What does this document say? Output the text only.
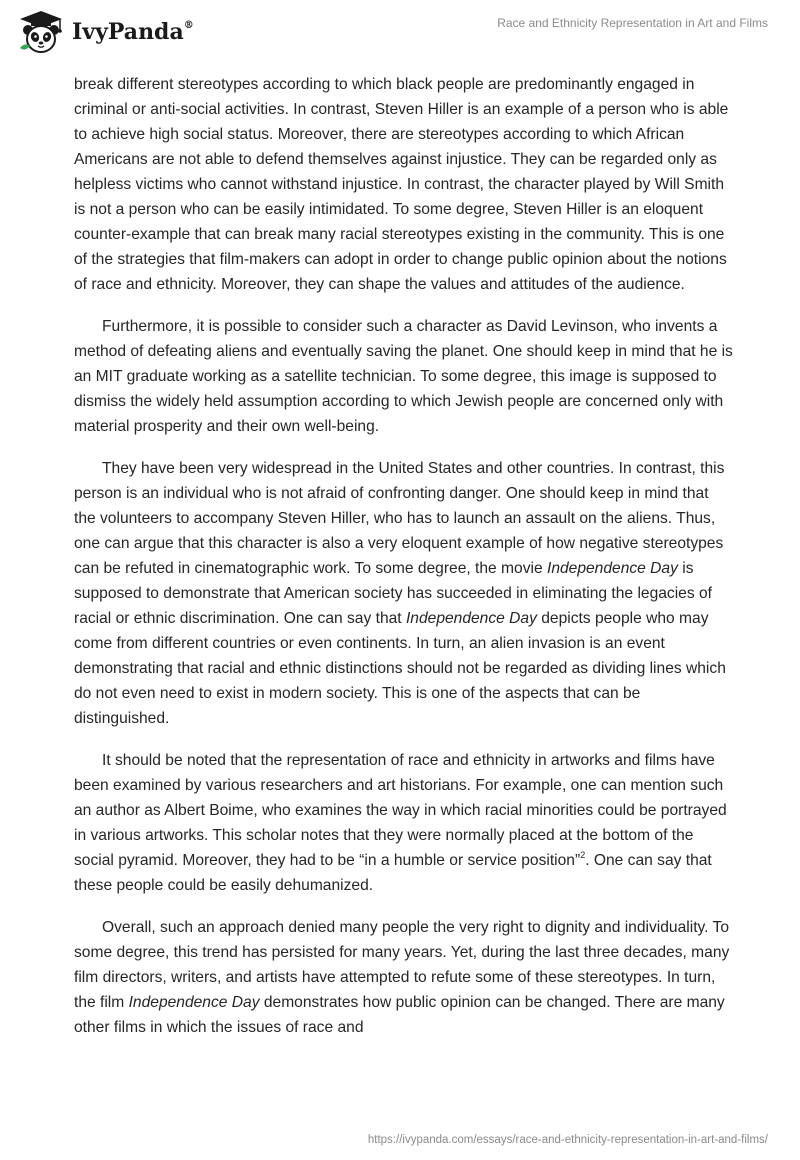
IvyPanda®	Race and Ethnicity Representation in Art and Films

break different stereotypes according to which black people are predominantly engaged in criminal or anti-social activities. In contrast, Steven Hiller is an example of a person who is able to achieve high social status. Moreover, there are stereotypes according to which African Americans are not able to defend themselves against injustice. They can be regarded only as helpless victims who cannot withstand injustice. In contrast, the character played by Will Smith is not a person who can be easily intimidated. To some degree, Steven Hiller is an eloquent counter-example that can break many racial stereotypes existing in the community. This is one of the strategies that film-makers can adopt in order to change public opinion about the notions of race and ethnicity. Moreover, they can shape the values and attitudes of the audience.

Furthermore, it is possible to consider such a character as David Levinson, who invents a method of defeating aliens and eventually saving the planet. One should keep in mind that he is an MIT graduate working as a satellite technician. To some degree, this image is supposed to dismiss the widely held assumption according to which Jewish people are concerned only with material prosperity and their own well-being.

They have been very widespread in the United States and other countries. In contrast, this person is an individual who is not afraid of confronting danger. One should keep in mind that the volunteers to accompany Steven Hiller, who has to launch an assault on the aliens. Thus, one can argue that this character is also a very eloquent example of how negative stereotypes can be refuted in cinematographic work. To some degree, the movie Independence Day is supposed to demonstrate that American society has succeeded in eliminating the legacies of racial or ethnic discrimination. One can say that Independence Day depicts people who may come from different countries or even continents. In turn, an alien invasion is an event demonstrating that racial and ethnic distinctions should not be regarded as dividing lines which do not even need to exist in modern society. This is one of the aspects that can be distinguished.

It should be noted that the representation of race and ethnicity in artworks and films have been examined by various researchers and art historians. For example, one can mention such an author as Albert Boime, who examines the way in which racial minorities could be portrayed in various artworks. This scholar notes that they were normally placed at the bottom of the social pyramid. Moreover, they had to be “in a humble or service position”$^2$. One can say that these people could be easily dehumanized.

Overall, such an approach denied many people the very right to dignity and individuality. To some degree, this trend has persisted for many years. Yet, during the last three decades, many film directors, writers, and artists have attempted to refute some of these stereotypes. In turn, the film Independence Day demonstrates how public opinion can be changed. There are many other films in which the issues of race and

https://ivypanda.com/essays/race-and-ethnicity-representation-in-art-and-films/
